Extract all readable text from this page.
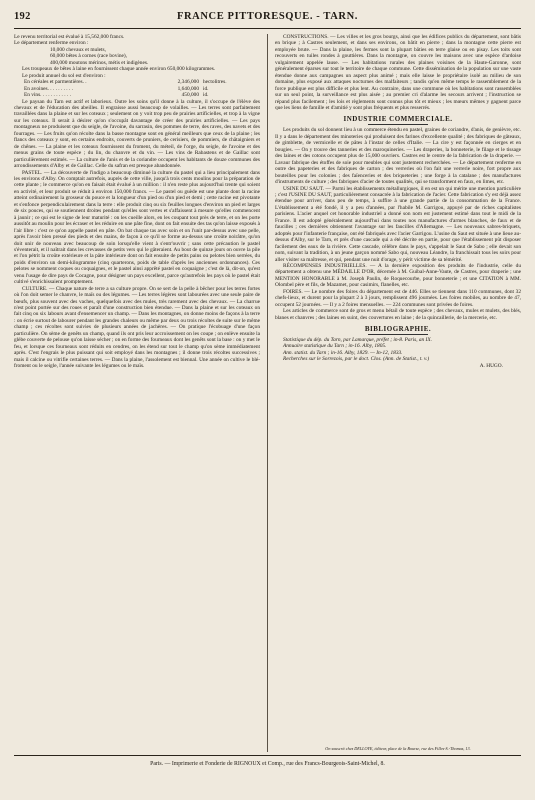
192	FRANCE PITTORESQUE. - TARN.

Le revenu territorial est évalué à 15,562,000 francs.

Le département renferme environ :

10,000 chevaux et mulets,

60,000 bêtes à cornes (race bovine),

400,000 moutons mérinos, métis et indigènes.

Les troupeaux de bêtes à laine en fournissent chaque année environ 650,000 kilogrammes.

Le produit annuel du sol est d'environ :

En céréales et parmentières. .	2,346,000 hectolitres.
En avoines. . . . . . . . . .	1,640,000 id.
En vins. . . . . . . . . . . .	450,000 id.

Le paysan du Tarn est actif et laborieux. Outre les soins qu'il donne à la culture, il s'occupe de l'élève des chevaux et de l'éducation des abeilles. Il engraisse aussi beaucoup de volailles. — Les terres sont parfaitement travaillées dans la plaine et sur les coteaux ; seulement on y voit trop peu de prairies artificielles, et trop à la vigne sur les coteaux. Il serait à désirer qu'on s'occupât davantage de créer des prairies artificielles. — Les pays montagneux ne produisent que du seigle, de l'avoine, du sarrasin, des pommes de terre, des raves, des navets et des fourrages. — Les fruits qu'on récolte dans la basse montagne sont en général meilleurs que ceux de la plaine ; les flancs des coteaux y sont, en certains endroits, couverts de pruniers, de cerisiers, de pommiers, de châtaigniers et de chênes. — La plaine et les coteaux fournissent du froment, du méteil, de l'orge, du seigle, de l'avoine et des menus grains de toute espèce ; du lin, du chanvre et du vin. — Les vins de Rabastens et de Gaillac sont particulièrement estimés. — La culture de l'anis et de la coriandre occupent les habitants de douze communes des arrondissements d'Alby et de Gaillac. Celle du safran est presque abandonnée.

PASTEL. — La découverte de l'indigo a beaucoup diminué la culture du pastel qui a lieu principalement dans les environs d'Alby. On comptait autrefois, auprès de cette ville, jusqu'à trois cents moulins pour la préparation de cette plante ; le commerce qu'on en faisait était évalué à un million : il n'en reste plus aujourd'hui trente qui soient en activité, et leur produit se réduit à environ 150,000 francs. — Le pastel ou guède est une plante dont la racine atteint ordinairement la grosseur du pouce et la longueur d'un pied ou d'un pied et demi ; cette racine est pivotante et s'enfonce perpendiculairement dans la terre : elle produit cinq ou six feuilles longues d'environ un pied et larges de six pouces, qui se soutiennent droites pendant qu'elles sont vertes et s'affaissent à mesure qu'elles commencent à jaunir ; ce qui est le signe de leur maturité : on les cueille alors, en les coupant tout près de terre, et on les porte aussitôt au moulin pour les écraser et les réduire en une pâte fine, dont on fait ensuite des tas qu'on laisse exposés à l'air libre : c'est ce qu'on appelle pastel en pâte. On bat chaque tas avec soin et on l'unit par-dessus avec une pelle, après l'avoir bien pressé des pieds et des mains, de façon à ce qu'il se forme au-dessus une croûte noirâtre, qu'on doit unir de nouveau avec beaucoup de soin lorsqu'elle vient à s'entr'ouvrir ; sans cette précaution le pastel s'éventerait, et il naîtrait dans les crevasses de petits vers qui le gâteraient. Au bout de quinze jours on ouvre la pile et l'on pétrit la croûte extérieure et la pâte intérieure dont on fait ensuite de petits pains ou pelotes bien serrées, du poids d'environ un demi-kilogramme (cinq quarterons, poids de table d'après les anciennes ordonnances). Ces pelotes se nomment coques ou coquaignes, et le pastel ainsi apprêté pastel en coquaigne ; c'est de là, dit-on, qu'est venu l'usage de dire pays de Cocagne, pour désigner un pays excellent, parce qu'autrefois les pays où le pastel était cultivé s'enrichissaient promptement.

CULTURE. — Chaque nature de terre a sa culture propre. On se sert de la pelle à bêcher pour les terres fortes où l'on doit semer le chanvre, le maïs ou des légumes. — Les terres légères sont labourées avec une seule paire de bœufs, plus souvent avec des vaches, quelquefois avec des mules, très rarement avec des chevaux. — La charrue n'est point portée sur des roues et paraît d'une construction bien étendue. — Dans la plaine et sur les coteaux on fait cinq ou six labours avant d'ensemencer un champ. — Dans les montagnes, on donne moins de façons à la terre : on écrie surtout de labourer pendant les grandes chaleurs ou même par deux ou trois récoltes de suite sur le même champ ; ces récoltes sont suivies de plusieurs années de jachères. — On pratique l'écobuage d'une façon particulière. On sème de genêts un champ, quand ils ont pris leur accroissement on les coupe ; on enlève ensuite la glèbe couverte de pelouse qu'on laisse sécher ; on en forme des fourneaux dont les genêts sont la base : on y met le feu, et lorsque ces fourneaux sont réduits en cendres, on les étend sur tout le champ qu'on sème immédiatement après. C'est l'engrais le plus puissant qui soit employé dans les montagnes ; il donne trois récoltes successives ; mais il calcine ou vitrifie certaines terres. — Dans la plaine, l'assolement est biennal. Une année on cultive le blé-froment ou le seigle, l'année suivante les légumes ou le maïs.

CONSTRUCTIONS. — Les villes et les gros bourgs, ainsi que les édifices publics du département, sont bâtis en brique ; à Castres seulement, et dans ses environs, on bâtit en pierre ; dans la montagne cette pierre est employée brute. — Dans la plaine, les fermes sont la plupart bâties en terre glaise ou en pisay. Les toits sont recouverts en tuiles rondes à gouttières. Dans la montagne, on couvre les maisons avec une espèce d'ardoise vulgairement appelée lause. — Les habitations rurales des plaines voisines de la Haute-Garonne, sont généralement éparses sur tout le territoire de chaque commune. Cette dissémination de la population sur une vaste étendue donne aux campagnes un aspect plus animé ; mais elle laisse le propriétaire isolé au milieu de son domaine, plus exposé aux attaques nocturnes des malfaiteurs ; tandis qu'en même temps le rassemblement de la force publique est plus difficile et plus lent. Au contraire, dans une commune où les habitations sont rassemblées sur un seul point, la surveillance est plus aisée ; au premier cri d'alarme les secours arrivent ; l'instruction se répand plus facilement ; les lois et règlements sont connus plus tôt et mieux ; les mœurs mêmes y gagnent parce que les liens de famille et d'amitié y sont plus fréquents et plus resserrés.

INDUSTRIE COMMERCIALE.

Les produits du sol donnent lieu à un commerce étendu en pastel, graines de coriandre, d'anis, de genièvre, etc. Il y a dans le département des minoteries qui produisent des farines d'excellente qualité ; des fabriques de gâteaux, de gimblette, de vermicelle et de pâtes à l'instar de celles d'Italie. — La cire y est façonnée en cierges et en bougies. — On y trouve des tanneries et des maroquineries. — Les draperies, la bonneterie, le filage et le tissage des laines et des cotons occupent plus de 15,000 ouvriers. Castres est le centre de la fabrication de la draperie. — Lavaur fabrique des étoffes de soie pour meubles qui sont justement recherchées. — Le département renferme en outre des papeteries et des fabriques de carton ; des verreries où l'on fait une verrerie noire, fort propre aux bouteilles pour les colonies ; des faïenceries et des briqueteries ; une forge à la catalane ; des manufactures d'instruments de culture ; des fabriques d'acier de toutes qualités, qui se transforment en faux, en limes, etc.

USINE DU SAUT. — Parmi les établissements métallurgiques, il en est un qui mérite une mention particulière ; c'est l'USINE DU SAUT, particulièrement consacrée à la fabrication de l'acier. Cette fabrication s'y est déjà assez étendue pour arriver, dans peu de temps, à suffire à une grande partie de la consommation de la France. L'établissement a été fondé, il y a peu d'années, par l'habile M. Garrigou, appuyé par de riches capitalistes parisiens. L'acier anquel cet honorable industriel a donné son nom est justement estimé dans tout le midi de la France. Il est adopté généralement aujourd'hui dans toutes nos manufactures d'armes blanches, de faux et de faucilles ; ces dernières obtiennent l'avantage sur les faucilles d'Allemagne. — Les nouveaux sabres-briquets, adoptés pour l'infanterie française, ont été fabriqués avec l'acier Garrigou. L'usine du Saut est située à une lieue au-dessus d'Alby, sur le Tarn, et près d'une cascade qui a été décrite en partie, pour que l'établissement pût disposer facilement des eaux de la rivière. Cette cascade, célèbre dans le pays, s'appelait le Saut de Sabo ; elle devait son nom, suivant la tradition, à un jeune garçon nommé Sabo qui, nouveau Léandre, la franchissait tous les soirs pour aller visiter sa maîtresse, et qui, pendant une nuit d'orage, y périt victime de sa témérité.

RÉCOMPENSES INDUSTRIELLES. — A la dernière exposition des produits de l'industrie, celle du département a obtenu une MÉDAILLE D'OR, décernée à M. Guibal-Anne-Vaute, de Castres, pour draperie ; une MENTION HONORABLE à M. Joseph Paulin, de Roquecourbe, pour bonneterie ; et une CITATION à MM. Olombel père et fils, de Mazamet, pour casimirs, flanelles, etc.

FOIRES. — Le nombre des foires du département est de 446. Elles se tiennent dans 110 communes, dont 32 chefs-lieux, et durent pour la plupart 2 à 3 jours, remplissent 496 journées. Les foires mobiles, au nombre de 47, occupent 52 journées. — Il y a 2 foires mensuelles. — 224 communes sont privées de foires.

Les articles de commerce sont de gros et menu bétail de toute espèce ; des chevaux, mules et mulets, des blés, blanes et chanvres ; des laines en suint, des couvertures en laine ; de la quincaillerie, de la mercerie, etc.

BIBLIOGRAPHIE.

Statistique du dép. du Tarn, par Lamarque, préfet ; in-8. Paris, an IX.

Annuaire statistique du Tarn ; in-16. Alby, 1805.

Ann. statist. du Tarn ; in-16. Alby, 1829. — In-12, 1833.

Recherches sur le Sorrezois, par le doct. Clos. (Ann. de Statist., t. v.)

A. HUGO.

On souscrit chez DELLOYE, éditeur, place de la Bourse, rue des Filles-S.-Thomas, 13.
Paris. — Imprimerie et Fonderie de RIGNOUX et Comp., rue des Francs-Bourgeois-Saint-Michel, 8.
